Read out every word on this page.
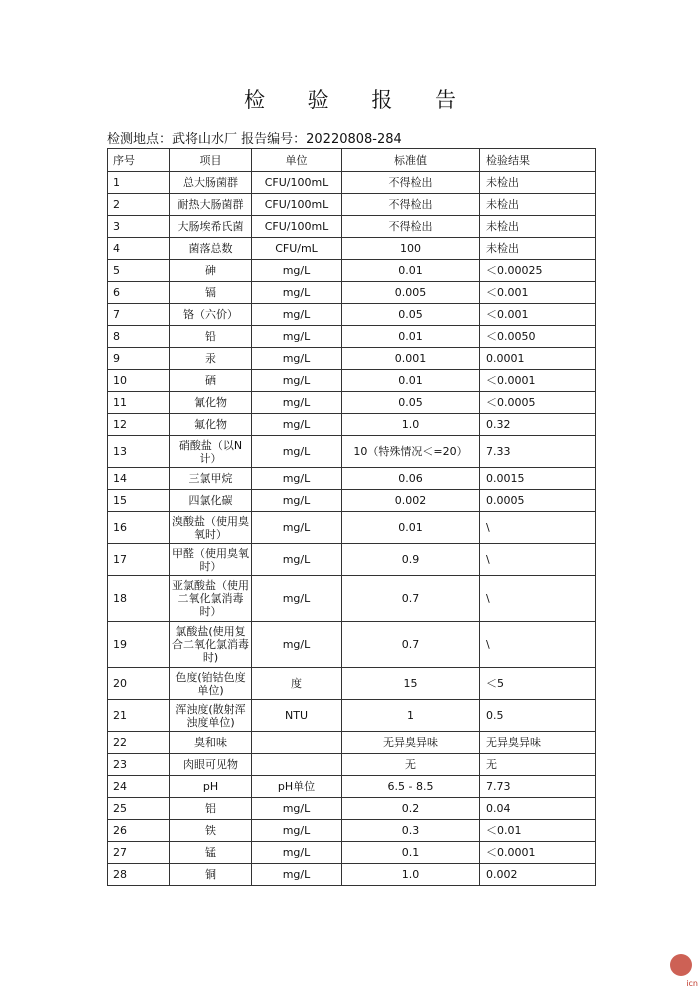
检 验 报 告
检测地点：武将山水厂 报告编号：20220808-284
序号	项目	单位	标准值	检验结果
1	总大肠菌群	CFU/100mL	不得检出	未检出
2	耐热大肠菌群	CFU/100mL	不得检出	未检出
3	大肠埃希氏菌	CFU/100mL	不得检出	未检出
4	菌落总数	CFU/mL	100	未检出
5	砷	mg/L	0.01	＜0.00025
6	镉	mg/L	0.005	＜0.001
7	铬（六价）	mg/L	0.05	＜0.001
8	铅	mg/L	0.01	＜0.0050
9	汞	mg/L	0.001	0.0001
10	硒	mg/L	0.01	＜0.0001
11	氰化物	mg/L	0.05	＜0.0005
12	氟化物	mg/L	1.0	0.32
13	硝酸盐（以N计）	mg/L	10（特殊情况＜=20）	7.33
14	三氯甲烷	mg/L	0.06	0.0015
15	四氯化碳	mg/L	0.002	0.0005
16	溴酸盐（使用臭氧时）	mg/L	0.01	\
17	甲醛（使用臭氧时）	mg/L	0.9	\
18	亚氯酸盐（使用二氧化氯消毒时）	mg/L	0.7	\
19	氯酸盐(使用复合二氧化氯消毒时)	mg/L	0.7	\
20	色度(铂钴色度单位)	度	15	＜5
21	浑浊度(散射浑浊度单位)	NTU	1	0.5
22	臭和味		无异臭异味	无异臭异味
23	肉眼可见物		无	无
24	pH	pH单位	6.5 - 8.5	7.73
25	铝	mg/L	0.2	0.04
26	铁	mg/L	0.3	＜0.01
27	锰	mg/L	0.1	＜0.0001
28	铜	mg/L	1.0	0.002
icn
